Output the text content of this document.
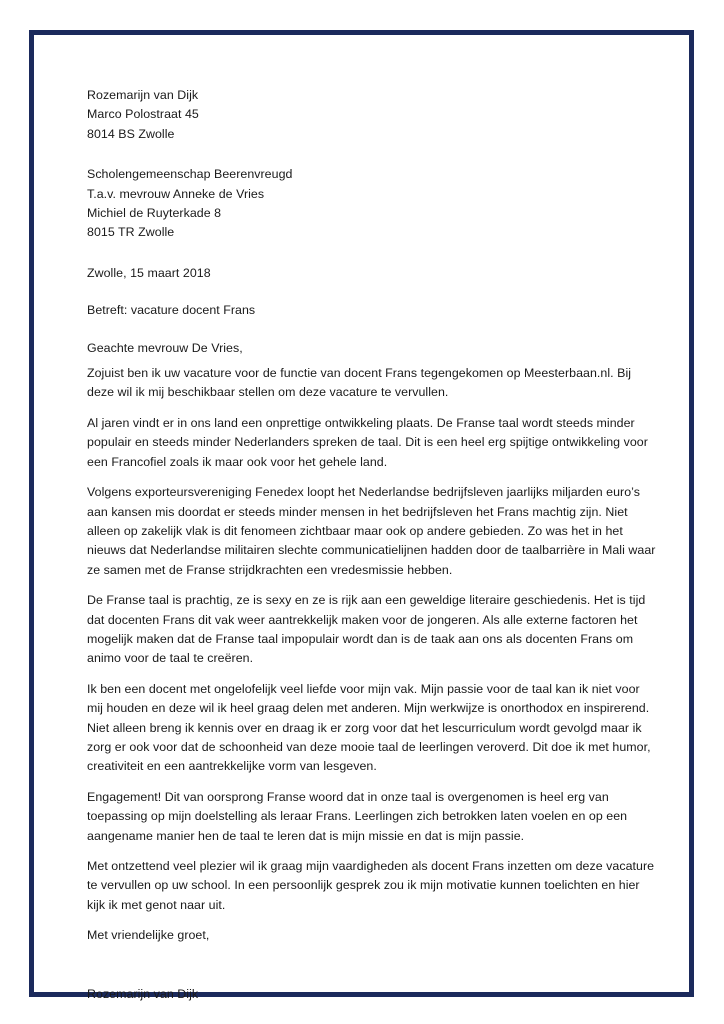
Rozemarijn van Dijk
Marco Polostraat 45
8014 BS Zwolle
Scholengemeenschap Beerenvreugd
T.a.v. mevrouw Anneke de Vries
Michiel de Ruyterkade 8
8015 TR Zwolle
Zwolle, 15 maart 2018
Betreft: vacature docent Frans
Geachte mevrouw De Vries,

Zojuist ben ik uw vacature voor de functie van docent Frans tegengekomen op Meesterbaan.nl. Bij deze wil ik mij beschikbaar stellen om deze vacature te vervullen.

Al jaren vindt er in ons land een onprettige ontwikkeling plaats. De Franse taal wordt steeds minder populair en steeds minder Nederlanders spreken de taal. Dit is een heel erg spijtige ontwikkeling voor een Francofiel zoals ik maar ook voor het gehele land.

Volgens exporteursvereniging Fenedex loopt het Nederlandse bedrijfsleven jaarlijks miljarden euro’s aan kansen mis doordat er steeds minder mensen in het bedrijfsleven het Frans machtig zijn. Niet alleen op zakelijk vlak is dit fenomeen zichtbaar maar ook op andere gebieden. Zo was het in het nieuws dat Nederlandse militairen slechte communicatielijnen hadden door de taalbarrière in Mali waar ze samen met de Franse strijdkrachten een vredesmissie hebben.

De Franse taal is prachtig, ze is sexy en ze is rijk aan een geweldige literaire geschiedenis. Het is tijd dat docenten Frans dit vak weer aantrekkelijk maken voor de jongeren. Als alle externe factoren het mogelijk maken dat de Franse taal impopulair wordt dan is de taak aan ons als docenten Frans om animo voor de taal te creëren.

Ik ben een docent met ongelofelijk veel liefde voor mijn vak. Mijn passie voor de taal kan ik niet voor mij houden en deze wil ik heel graag delen met anderen. Mijn werkwijze is onorthodox en inspirerend. Niet alleen breng ik kennis over en draag ik er zorg voor dat het lescurriculum wordt gevolgd maar ik zorg er ook voor dat de schoonheid van deze mooie taal de leerlingen veroverd. Dit doe ik met humor, creativiteit en een aantrekkelijke vorm van lesgeven.

Engagement! Dit van oorsprong Franse woord dat in onze taal is overgenomen is heel erg van toepassing op mijn doelstelling als leraar Frans. Leerlingen zich betrokken laten voelen en op een aangename manier hen de taal te leren dat is mijn missie en dat is mijn passie.

Met ontzettend veel plezier wil ik graag mijn vaardigheden als docent Frans inzetten om deze vacature te vervullen op uw school. In een persoonlijk gesprek zou ik mijn motivatie kunnen toelichten en hier kijk ik met genot naar uit.

Met vriendelijke groet,
Rozemarijn van Dijk
